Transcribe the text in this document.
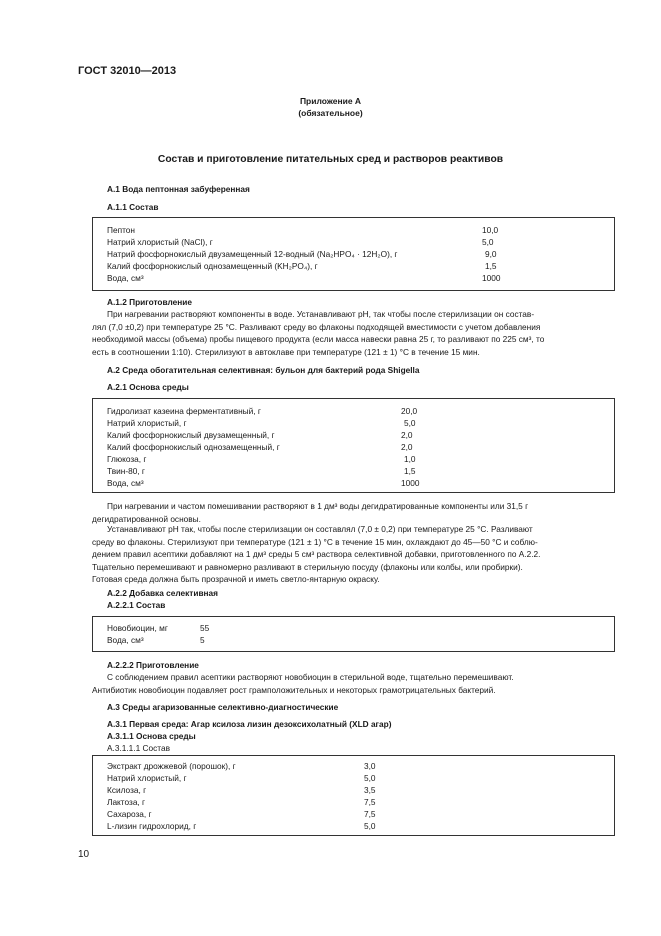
ГОСТ 32010—2013
Приложение А
(обязательное)
Состав и приготовление питательных сред и растворов реактивов
А.1 Вода пептонная забуференная
А.1.1 Состав
Пептон	10,0
Натрий хлористый (NaCl), г	5,0
Натрий фосфорнокислый двузамещенный 12-водный (Na₂HPO₄ · 12H₂O), г	9,0
Калий фосфорнокислый однозамещенный (KH₂PO₄), г	1,5
Вода, см³	1000
А.1.2 Приготовление
При нагревании растворяют компоненты в воде. Устанавливают pH, так чтобы после стерилизации он состав-
лял (7,0 ±0,2) при температуре 25 °С. Разливают среду во флаконы подходящей вместимости с учетом добавления
необходимой массы (объема) пробы пищевого продукта (если масса навески равна 25 г, то разливают по 225 см³, то
есть в соотношении 1:10). Стерилизуют в автоклаве при температуре (121 ± 1) °С в течение 15 мин.
А.2 Среда обогатительная селективная: бульон для бактерий рода Shigella
А.2.1 Основа среды
Гидролизат казеина ферментативный, г	20,0
Натрий хлористый, г	5,0
Калий фосфорнокислый двузамещенный, г	2,0
Калий фосфорнокислый однозамещенный, г	2,0
Глюкоза, г	1,0
Твин-80, г	1,5
Вода, см³	1000
При нагревании и частом помешивании растворяют в 1 дм³ воды дегидратированные компоненты или 31,5 г
дегидратированной основы.
Устанавливают pH так, чтобы после стерилизации он составлял (7,0 ± 0,2) при температуре 25 °С. Разливают
среду во флаконы. Стерилизуют при температуре (121 ± 1) °С в течение 15 мин, охлаждают до 45—50 °С и соблю-
дением правил асептики добавляют на 1 дм³ среды 5 см³ раствора селективной добавки, приготовленного по А.2.2.
Тщательно перемешивают и равномерно разливают в стерильную посуду (флаконы или колбы, или пробирки).
Готовая среда должна быть прозрачной и иметь светло-янтарную окраску.
А.2.2 Добавка селективная
А.2.2.1 Состав
Новобиоцин, мг	55
Вода, см³	5
А.2.2.2 Приготовление
С соблюдением правил асептики растворяют новобиоцин в стерильной воде, тщательно перемешивают.
Антибиотик новобиоцин подавляет рост грамположительных и некоторых грамотрицательных бактерий.
А.3 Среды агаризованные селективно-диагностические
А.3.1 Первая среда: Агар ксилоза лизин дезоксихолатный (XLD агар)
А.3.1.1 Основа среды
А.3.1.1.1 Состав
Экстракт дрожжевой (порошок), г	3,0
Натрий хлористый, г	5,0
Ксилоза, г	3,5
Лактоза, г	7,5
Сахароза, г	7,5
L-лизин гидрохлорид, г	5,0
10
